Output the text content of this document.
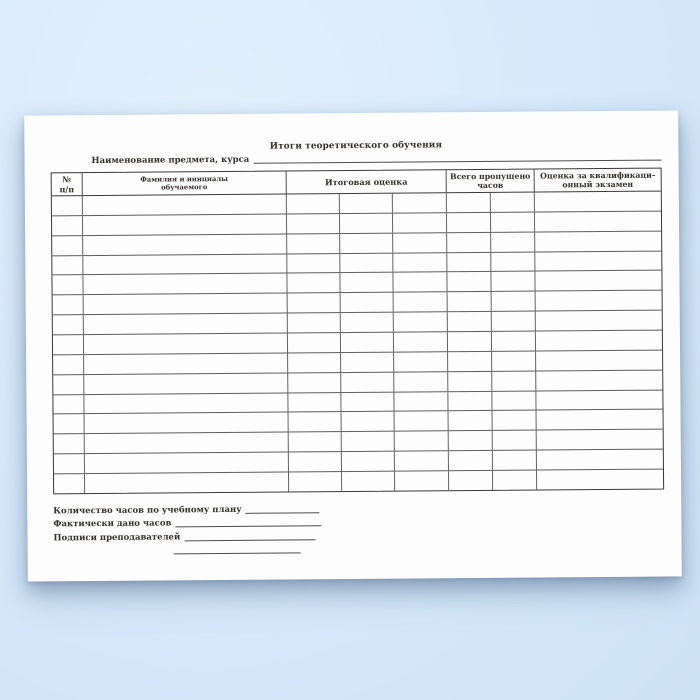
Итоги теоретического обучения
Наименование предмета, курса
№
п/п
Фамилия и инициалы
обучаемого
Итоговая оценка
Всего пропущено
часов
Оценка за квалификаци-
онный экзамен
Количество часов по учебному плану
Фактически дано часов
Подписи преподавателей
